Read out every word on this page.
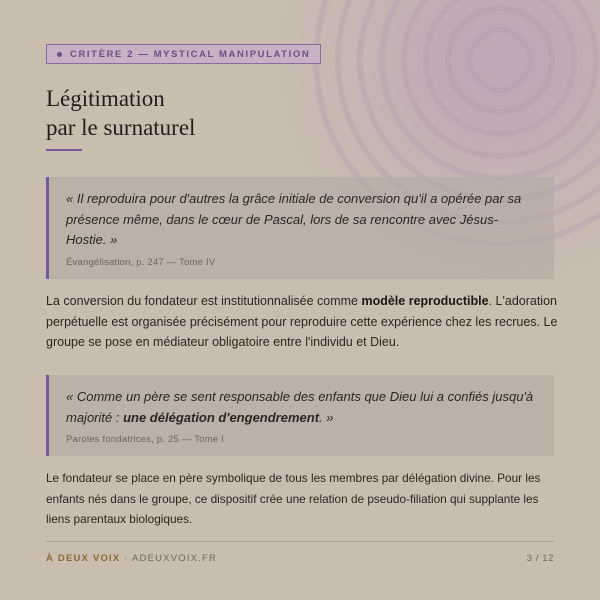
CRITÈRE 2 — MYSTICAL MANIPULATION
Légitimation
par le surnaturel

« Il reproduira pour d'autres la grâce initiale de conversion qu'il a opérée par sa présence même, dans le cœur de Pascal, lors de sa rencontre avec Jésus-Hostie. »

Évangélisation, p. 247 — Tome IV

La conversion du fondateur est institutionnalisée comme modèle reproductible. L'adoration perpétuelle est organisée précisément pour reproduire cette expérience chez les recrues. Le groupe se pose en médiateur obligatoire entre l'individu et Dieu.

« Comme un père se sent responsable des enfants que Dieu lui a confiés jusqu'à majorité : une délégation d'engendrement. »

Paroles fondatrices, p. 25 — Tome I

Le fondateur se place en père symbolique de tous les membres par délégation divine. Pour les enfants nés dans le groupe, ce dispositif crée une relation de pseudo-filiation qui supplante les liens parentaux biologiques.

À DEUX VOIX · ADEUXVOIX.FR	3 / 12
